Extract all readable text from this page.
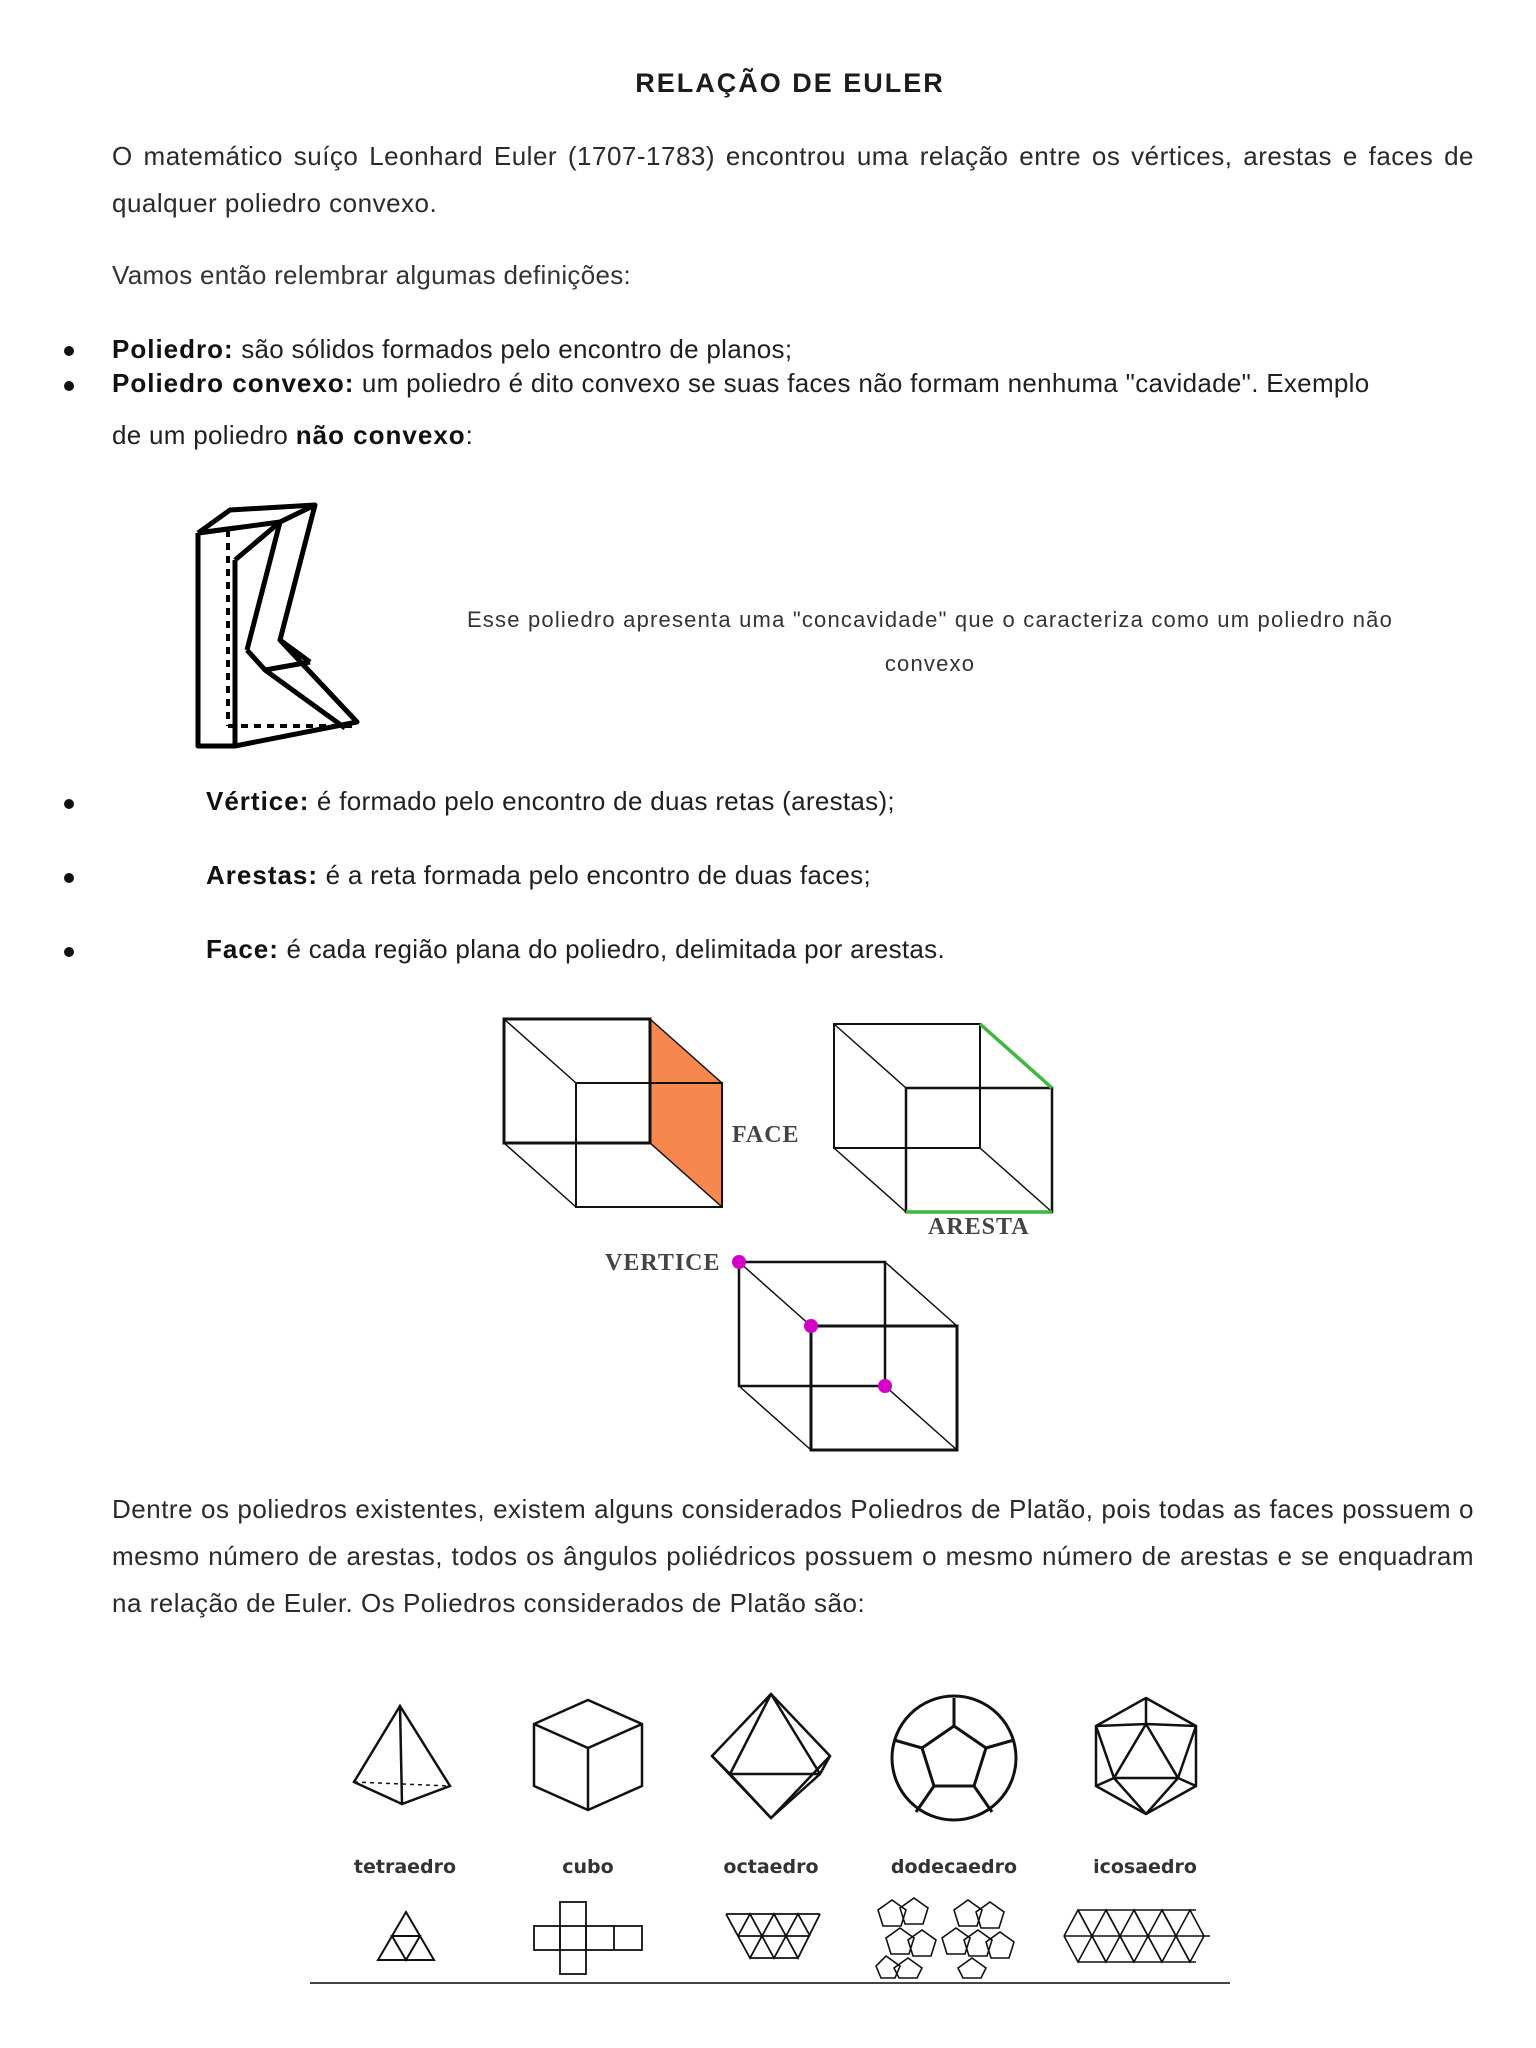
RELAÇÃO DE EULER
O matemático suíço Leonhard Euler (1707-1783) encontrou uma relação entre os vértices, arestas e faces de qualquer poliedro convexo.
Vamos então relembrar algumas definições:
Poliedro: são sólidos formados pelo encontro de planos;
Poliedro convexo: um poliedro é dito convexo se suas faces não formam nenhuma "cavidade". Exemplo
de um poliedro não convexo:
Esse poliedro apresenta uma "concavidade" que o caracteriza como um poliedro não convexo
Vértice: é formado pelo encontro de duas retas (arestas);
Arestas: é a reta formada pelo encontro de duas faces;
Face: é cada região plana do poliedro, delimitada por arestas.
FACE
ARESTA
VERTICE
Dentre os poliedros existentes, existem alguns considerados Poliedros de Platão, pois todas as faces possuem o mesmo número de arestas, todos os ângulos poliédricos possuem o mesmo número de arestas e se enquadram na relação de Euler. Os Poliedros considerados de Platão são:
tetraedro	cubo	octaedro	dodecaedro	icosaedro
